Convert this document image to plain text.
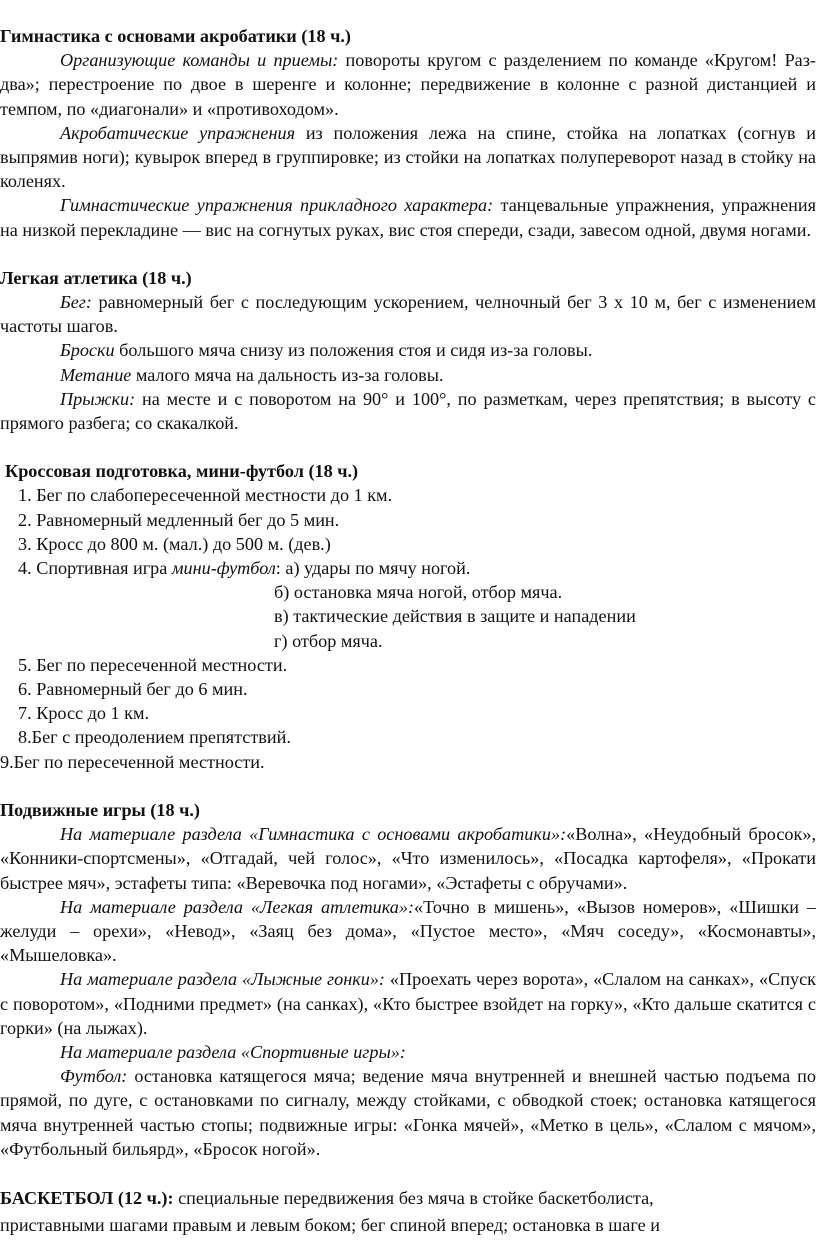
Гимнастика с основами акробатики (18 ч.)

Организующие команды и приемы: повороты кругом с разделением по команде «Кругом! Раз-два»; перестроение по двое в шеренге и колонне; передвижение в колонне с разной дистанцией и темпом, по «диагонали» и «противоходом».

Акробатические упражнения из положения лежа на спине, стойка на лопатках (согнув и выпрямив ноги); кувырок вперед в группировке; из стойки на лопатках полупереворот назад в стойку на коленях.

Гимнастические упражнения прикладного характера: танцевальные упражнения, упражнения на низкой перекладине — вис на согнутых руках, вис стоя спереди, сзади, завесом одной, двумя ногами.

Легкая атлетика (18 ч.)

Бег: равномерный бег с последующим ускорением, челночный бег 3 х 10 м, бег с изменением частоты шагов.

Броски большого мяча снизу из положения стоя и сидя из-за головы.

Метание малого мяча на дальность из-за головы.

Прыжки: на месте и с поворотом на 90° и 100°, по разметкам, через препятствия; в высоту с прямого разбега; со скакалкой.

Кроссовая подготовка, мини-футбол (18 ч.)

1. Бег по слабопересеченной местности до 1 км.

2. Равномерный медленный бег до 5 мин.

3. Кросс до 800 м. (мал.) до 500 м. (дев.)

4. Спортивная игра мини-футбол: а) удары по мячу ногой.

б) остановка мяча ногой, отбор мяча.

в) тактические действия в защите и нападении

г) отбор мяча.

5. Бег по пересеченной местности.

6. Равномерный бег до 6 мин.

7. Кросс до 1 км.

8.Бег с преодолением препятствий.

9.Бег по пересеченной местности.

Подвижные игры (18 ч.)

На материале раздела «Гимнастика с основами акробатики»:«Волна», «Неудобный бросок», «Конники-спортсмены», «Отгадай, чей голос», «Что изменилось», «Посадка картофеля», «Прокати быстрее мяч», эстафеты типа: «Веревочка под ногами», «Эстафеты с обручами».

На материале раздела «Легкая атлетика»:«Точно в мишень», «Вызов номеров», «Шишки – желуди – орехи», «Невод», «Заяц без дома», «Пустое место», «Мяч соседу», «Космонавты», «Мышеловка».

На материале раздела «Лыжные гонки»: «Проехать через ворота», «Слалом на санках», «Спуск с поворотом», «Подними предмет» (на санках), «Кто быстрее взойдет на горку», «Кто дальше скатится с горки» (на лыжах).

На материале раздела «Спортивные игры»:

Футбол: остановка катящегося мяча; ведение мяча внутренней и внешней частью подъема по прямой, по дуге, с остановками по сигналу, между стойками, с обводкой стоек; остановка катящегося мяча внутренней частью стопы; подвижные игры: «Гонка мячей», «Метко в цель», «Слалом с мячом», «Футбольный бильярд», «Бросок ногой».

БАСКЕТБОЛ (12 ч.): специальные передвижения без мяча в стойке баскетболиста,

приставными шагами правым и левым боком; бег спиной вперед; остановка в шаге и
